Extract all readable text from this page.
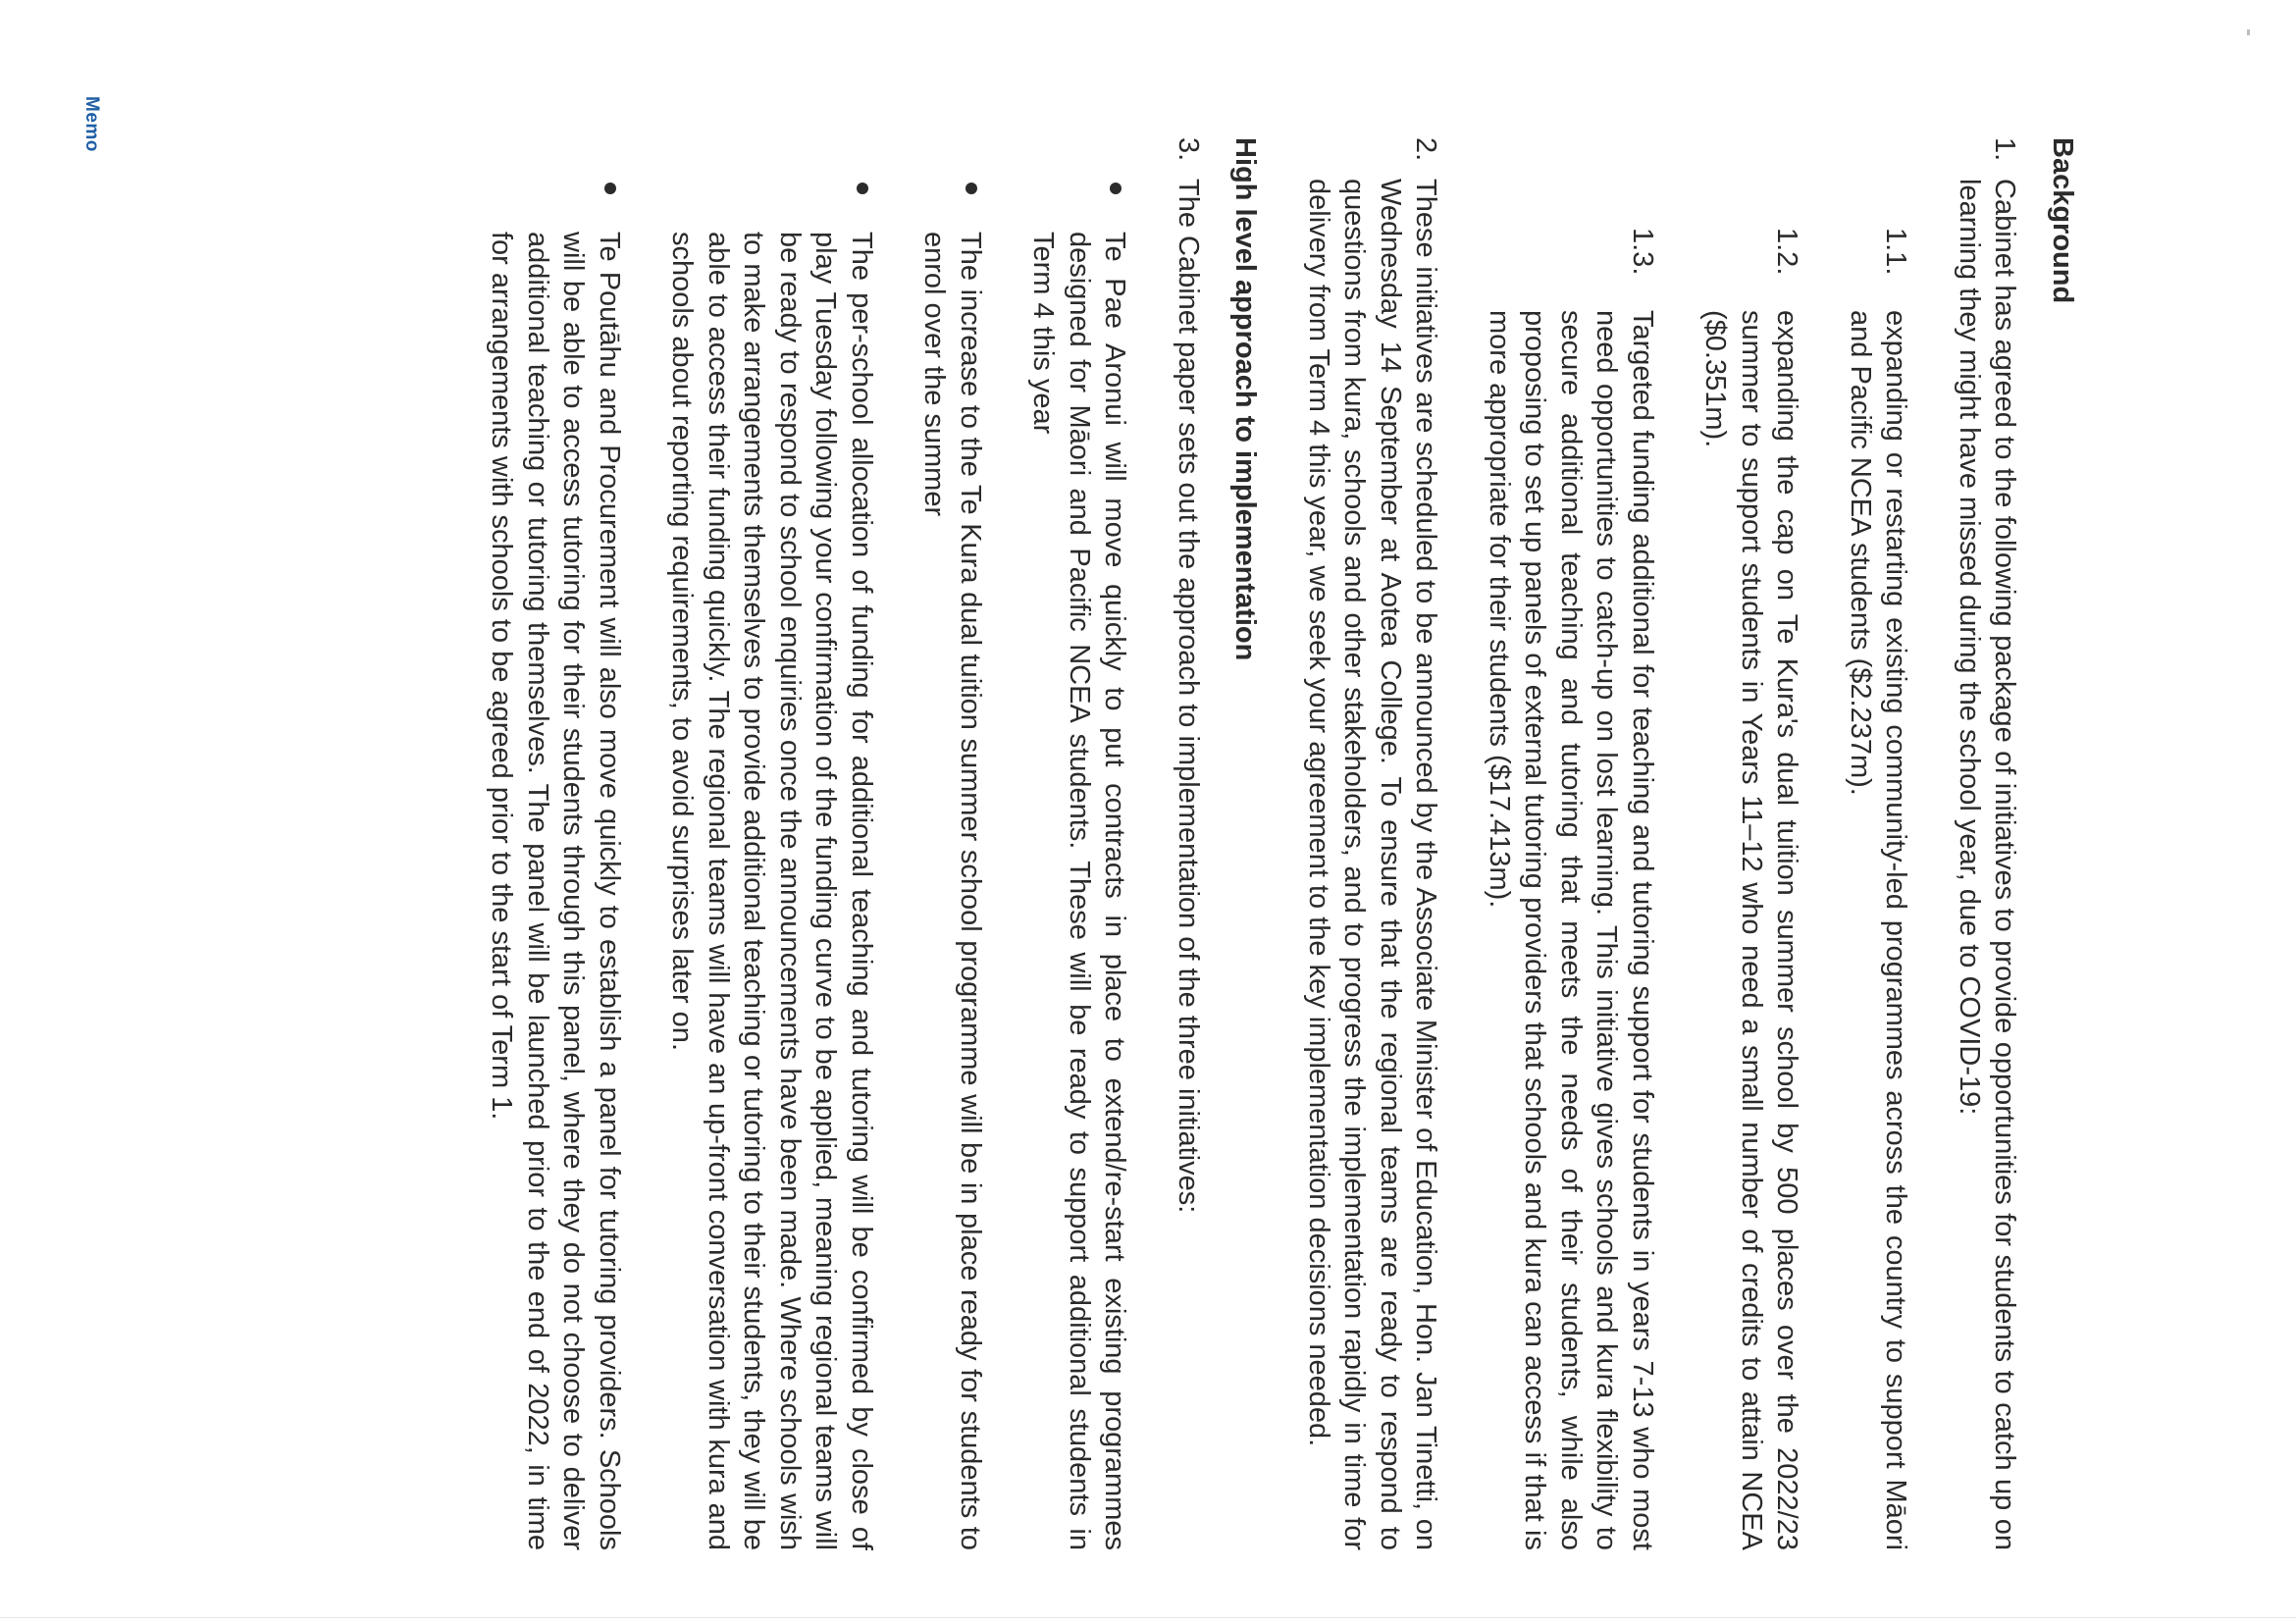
Memo
Background
1.
Cabinet has agreed to the following package of initiatives to provide opportunities for students to catch up on learning they might have missed during the school year, due to COVID-19:
1.1.
expanding or restarting existing community-led programmes across the country to support Māori and Pacific NCEA students ($2.237m).
1.2.
expanding the cap on Te Kura's dual tuition summer school by 500 places over the 2022/23 summer to support students in Years 11–12 who need a small number of credits to attain NCEA ($0.351m).
1.3.
Targeted funding additional for teaching and tutoring support for students in years 7-13 who most need opportunities to catch-up on lost learning. This initiative gives schools and kura flexibility to secure additional teaching and tutoring that meets the needs of their students, while also proposing to set up panels of external tutoring providers that schools and kura can access if that is more appropriate for their students ($17.413m).
2.
These initiatives are scheduled to be announced by the Associate Minister of Education, Hon. Jan Tinetti, on Wednesday 14 September at Aotea College. To ensure that the regional teams are ready to respond to questions from kura, schools and other stakeholders, and to progress the implementation rapidly in time for delivery from Term 4 this year, we seek your agreement to the key implementation decisions needed.
High level approach to implementation
3.
The Cabinet paper sets out the approach to implementation of the three initiatives:
Te Pae Aronui will move quickly to put contracts in place to extend/re-start existing programmes designed for Māori and Pacific NCEA students. These will be ready to support additional students in Term 4 this year
The increase to the Te Kura dual tuition summer school programme will be in place ready for students to enrol over the summer
The per-school allocation of funding for additional teaching and tutoring will be confirmed by close of play Tuesday following your confirmation of the funding curve to be applied, meaning regional teams will be ready to respond to school enquiries once the announcements have been made. Where schools wish to make arrangements themselves to provide additional teaching or tutoring to their students, they will be able to access their funding quickly. The regional teams will have an up-front conversation with kura and schools about reporting requirements, to avoid surprises later on.
Te Poutāhu and Procurement will also move quickly to establish a panel for tutoring providers. Schools will be able to access tutoring for their students through this panel, where they do not choose to deliver additional teaching or tutoring themselves. The panel will be launched prior to the end of 2022, in time for arrangements with schools to be agreed prior to the start of Term 1.
